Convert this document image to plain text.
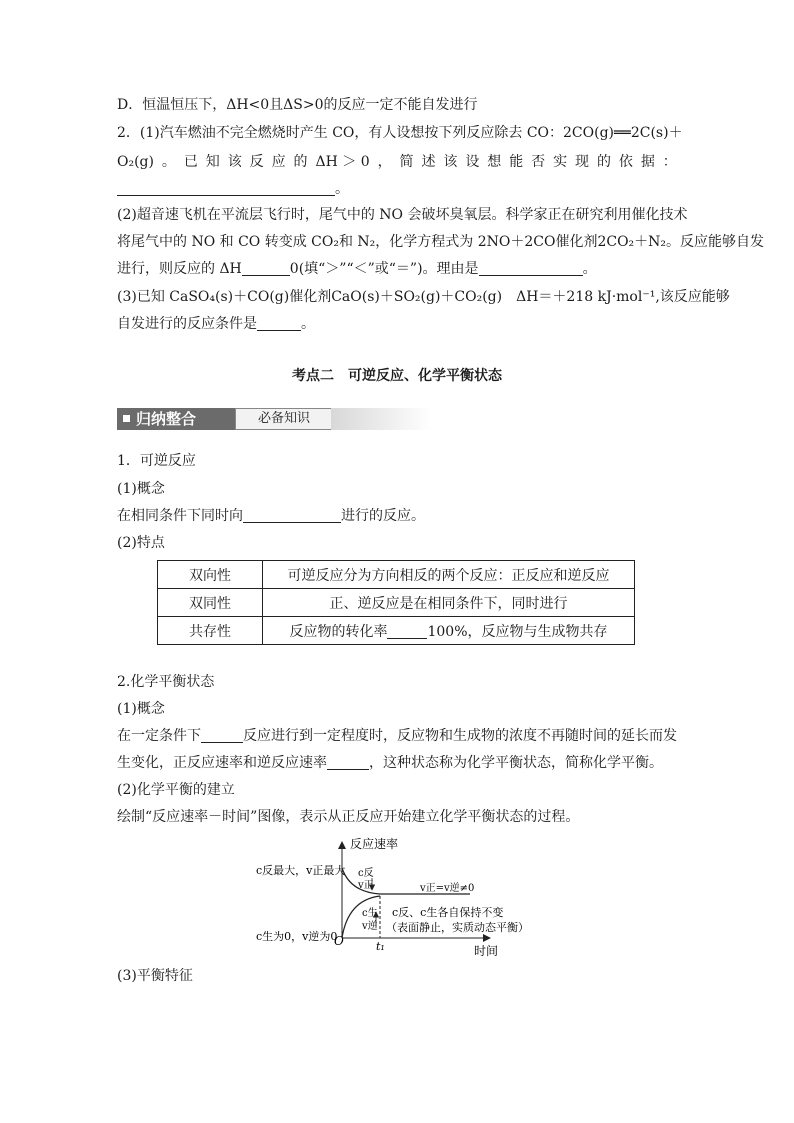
D．恒温恒压下，ΔH<0且ΔS>0的反应一定不能自发进行
2．(1)汽车燃油不完全燃烧时产生 CO，有人设想按下列反应除去 CO：2CO(g)══2C(s)＋
O₂(g) 。 已 知 该 反 应 的 ΔH ＞ 0 ， 简 述 该 设 想 能 否 实 现 的 依 据 ：
。
(2)超音速飞机在平流层飞行时，尾气中的 NO 会破坏臭氧层。科学家正在研究利用催化技术
将尾气中的 NO 和 CO 转变成 CO₂和 N₂，化学方程式为 2NO＋2CO催化剂2CO₂＋N₂。反应能够自发
进行，则反应的 ΔH	0(填“＞”“＜”或“＝”)。理由是	。
(3)已知 CaSO₄(s)＋CO(g)催化剂CaO(s)＋SO₂(g)＋CO₂(g)　ΔH＝＋218 kJ·mol⁻¹,该反应能够
自发进行的反应条件是	。
考点二　可逆反应、化学平衡状态
归纳整合	必备知识
1．可逆反应
(1)概念
在相同条件下同时向	进行的反应。
(2)特点
双向性	可逆反应分为方向相反的两个反应：正反应和逆反应
双同性	正、逆反应是在相同条件下，同时进行
共存性	反应物的转化率 100%，反应物与生成物共存
2.化学平衡状态
(1)概念
在一定条件下	反应进行到一定程度时，反应物和生成物的浓度不再随时间的延长而发
生变化，正反应速率和逆反应速率	，这种状态称为化学平衡状态，简称化学平衡。
(2)化学平衡的建立
绘制“反应速率－时间”图像，表示从正反应开始建立化学平衡状态的过程。
反应速率
时间
O
c反最大，v正最大
c生为0，v逆为0
t₁
c反
v正	v正=v逆≠0
c生
v逆
c反、c生各自保持不变
（表面静止，实质动态平衡）
(3)平衡特征
